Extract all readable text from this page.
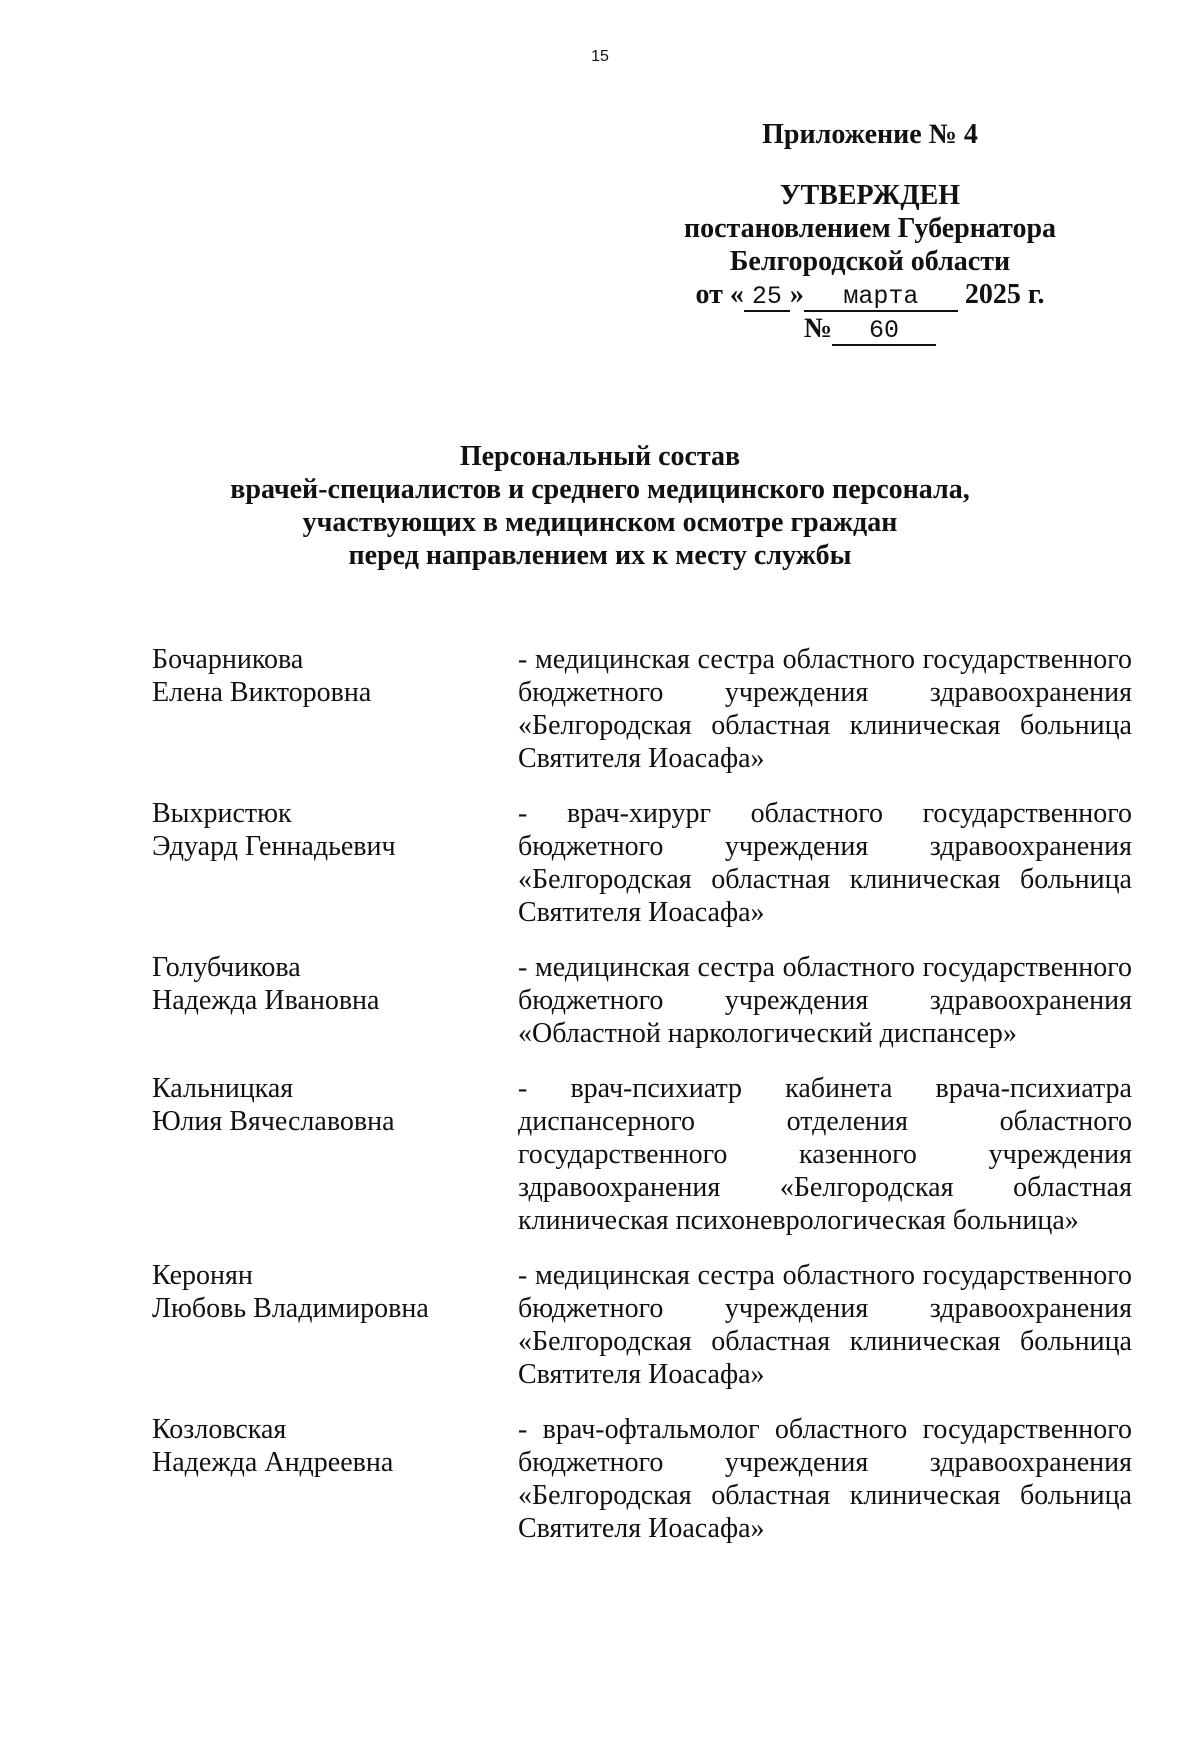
15
Приложение № 4
УТВЕРЖДЕН
постановлением Губернатора
Белгородской области
от « 25 » марта 2025 г.
№ 60
Персональный состав
врачей-специалистов и среднего медицинского персонала,
участвующих в медицинском осмотре граждан
перед направлением их к месту службы
Бочарникова
Елена Викторовна
- медицинская сестра областного государственного бюджетного учреждения здравоохранения «Белгородская областная клиническая больница Святителя Иоасафа»
Выхристюк
Эдуард Геннадьевич
- врач-хирург областного государственного бюджетного учреждения здравоохранения «Белгородская областная клиническая больница Святителя Иоасафа»
Голубчикова
Надежда Ивановна
- медицинская сестра областного государственного бюджетного учреждения здравоохранения «Областной наркологический диспансер»
Кальницкая
Юлия Вячеславовна
- врач-психиатр кабинета врача-психиатра диспансерного отделения областного государственного казенного учреждения здравоохранения «Белгородская областная клиническая психоневрологическая больница»
Керонян
Любовь Владимировна
- медицинская сестра областного государственного бюджетного учреждения здравоохранения «Белгородская областная клиническая больница Святителя Иоасафа»
Козловская
Надежда Андреевна
- врач-офтальмолог областного государственного бюджетного учреждения здравоохранения «Белгородская областная клиническая больница Святителя Иоасафа»
